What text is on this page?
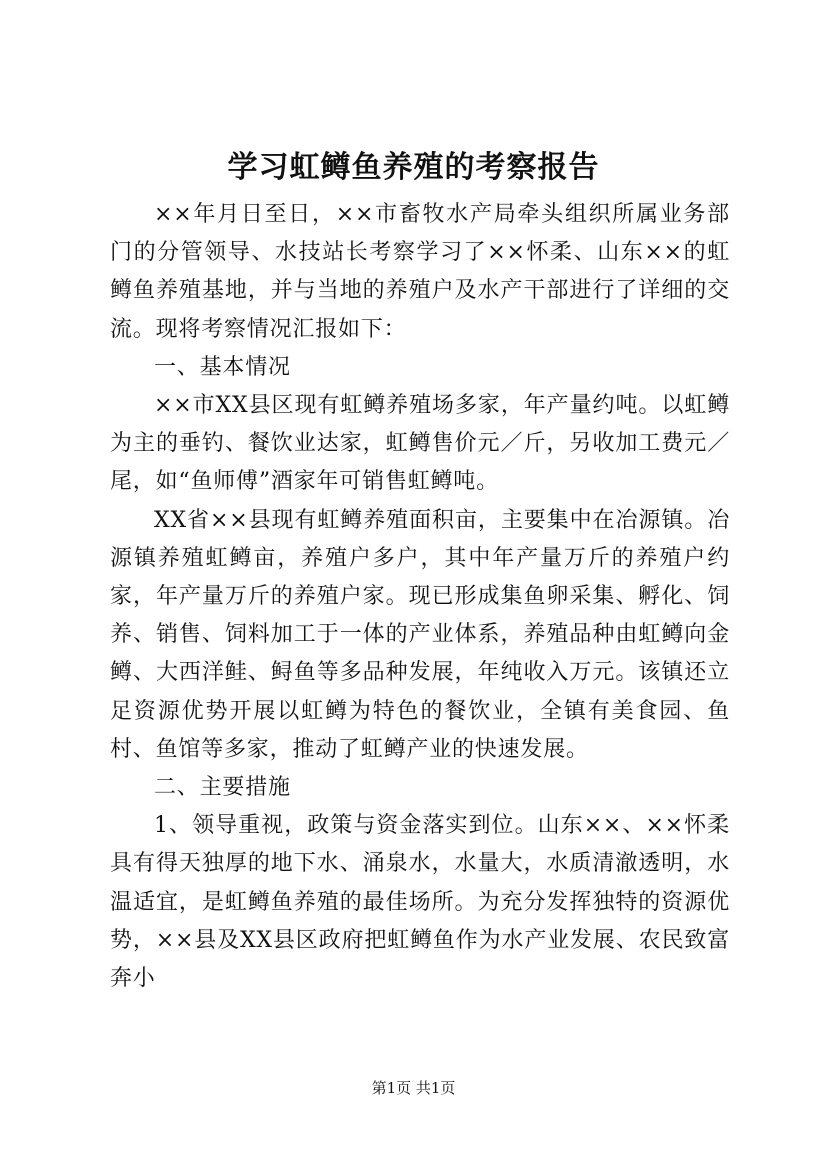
学习虹鳟鱼养殖的考察报告

××年月日至日，××市畜牧水产局牵头组织所属业务部门的分管领导、水技站长考察学习了××怀柔、山东××的虹鳟鱼养殖基地，并与当地的养殖户及水产干部进行了详细的交流。现将考察情况汇报如下：

一、基本情况

××市XX县区现有虹鳟养殖场多家，年产量约吨。以虹鳟为主的垂钓、餐饮业达家，虹鳟售价元／斤，另收加工费元／尾，如“鱼师傅”酒家年可销售虹鳟吨。

XX省××县现有虹鳟养殖面积亩，主要集中在冶源镇。冶源镇养殖虹鳟亩，养殖户多户，其中年产量万斤的养殖户约家，年产量万斤的养殖户家。现已形成集鱼卵采集、孵化、饲养、销售、饲料加工于一体的产业体系，养殖品种由虹鳟向金鳟、大西洋鲑、鲟鱼等多品种发展，年纯收入万元。该镇还立足资源优势开展以虹鳟为特色的餐饮业，全镇有美食园、鱼村、鱼馆等多家，推动了虹鳟产业的快速发展。

二、主要措施

1、领导重视，政策与资金落实到位。山东××、××怀柔具有得天独厚的地下水、涌泉水，水量大，水质清澈透明，水温适宜，是虹鳟鱼养殖的最佳场所。为充分发挥独特的资源优势，××县及XX县区政府把虹鳟鱼作为水产业发展、农民致富奔小

第1页 共1页
